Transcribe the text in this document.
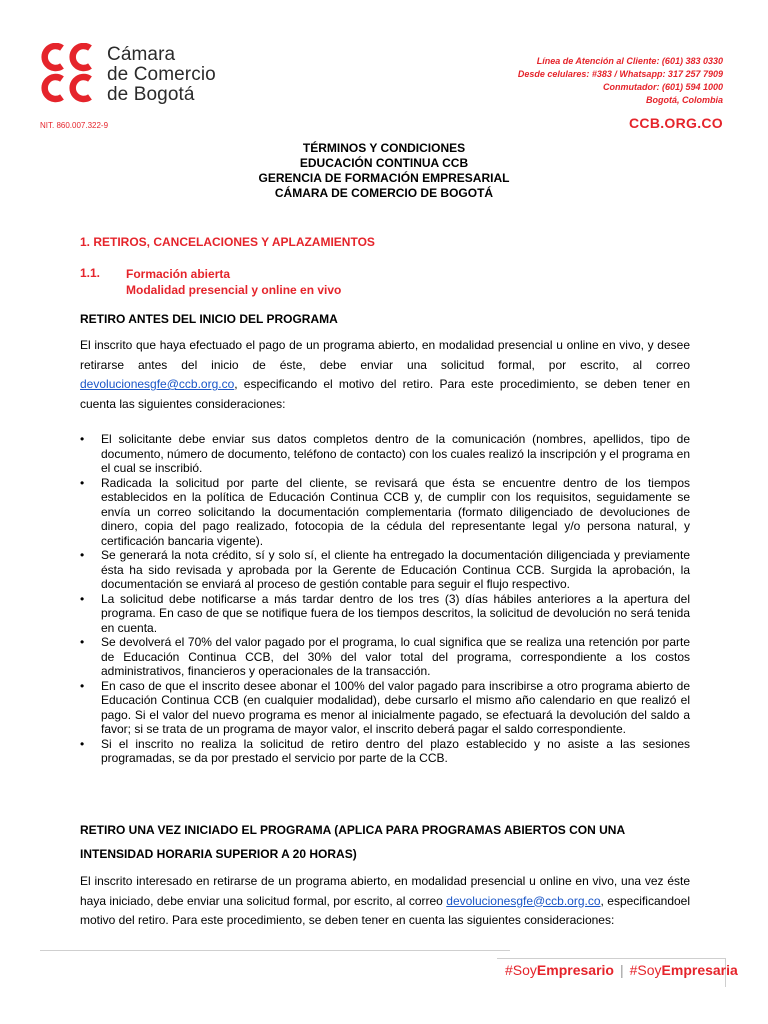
Cámara
de Comercio
de Bogotá
NIT. 860.007.322-9
Línea de Atención al Cliente: (601) 383 0330
Desde celulares: #383 / Whatsapp: 317 257 7909
Conmutador: (601) 594 1000
Bogotá, Colombia
CCB.ORG.CO
TÉRMINOS Y CONDICIONES
EDUCACIÓN CONTINUA CCB
GERENCIA DE FORMACIÓN EMPRESARIAL
CÁMARA DE COMERCIO DE BOGOTÁ
1. RETIROS, CANCELACIONES Y APLAZAMIENTOS
1.1. Formación abierta
Modalidad presencial y online en vivo
RETIRO ANTES DEL INICIO DEL PROGRAMA

El inscrito que haya efectuado el pago de un programa abierto, en modalidad presencial u online en vivo, y desee retirarse antes del inicio de éste, debe enviar una solicitud formal, por escrito, al correo devolucionesgfe@ccb.org.co, especificando el motivo del retiro. Para este procedimiento, se deben tener en cuenta las siguientes consideraciones:

• El solicitante debe enviar sus datos completos dentro de la comunicación (nombres, apellidos, tipo de documento, número de documento, teléfono de contacto) con los cuales realizó la inscripción y el programa en el cual se inscribió.
• Radicada la solicitud por parte del cliente, se revisará que ésta se encuentre dentro de los tiempos establecidos en la política de Educación Continua CCB y, de cumplir con los requisitos, seguidamente se envía un correo solicitando la documentación complementaria (formato diligenciado de devoluciones de dinero, copia del pago realizado, fotocopia de la cédula del representante legal y/o persona natural, y certificación bancaria vigente).
• Se generará la nota crédito, sí y solo sí, el cliente ha entregado la documentación diligenciada y previamente ésta ha sido revisada y aprobada por la Gerente de Educación Continua CCB. Surgida la aprobación, la documentación se enviará al proceso de gestión contable para seguir el flujo respectivo.
• La solicitud debe notificarse a más tardar dentro de los tres (3) días hábiles anteriores a la apertura del programa. En caso de que se notifique fuera de los tiempos descritos, la solicitud de devolución no será tenida en cuenta.
• Se devolverá el 70% del valor pagado por el programa, lo cual significa que se realiza una retención por parte de Educación Continua CCB, del 30% del valor total del programa, correspondiente a los costos administrativos, financieros y operacionales de la transacción.
• En caso de que el inscrito desee abonar el 100% del valor pagado para inscribirse a otro programa abierto de Educación Continua CCB (en cualquier modalidad), debe cursarlo el mismo año calendario en que realizó el pago. Si el valor del nuevo programa es menor al inicialmente pagado, se efectuará la devolución del saldo a favor; si se trata de un programa de mayor valor, el inscrito deberá pagar el saldo correspondiente.
• Si el inscrito no realiza la solicitud de retiro dentro del plazo establecido y no asiste a las sesiones programadas, se da por prestado el servicio por parte de la CCB.
RETIRO UNA VEZ INICIADO EL PROGRAMA (APLICA PARA PROGRAMAS ABIERTOS CON UNA INTENSIDAD HORARIA SUPERIOR A 20 HORAS)

El inscrito interesado en retirarse de un programa abierto, en modalidad presencial u online en vivo, una vez éste haya iniciado, debe enviar una solicitud formal, por escrito, al correo devolucionesgfe@ccb.org.co, especificandoel motivo del retiro. Para este procedimiento, se deben tener en cuenta las siguientes consideraciones:

#SoyEmpresario | #SoyEmpresaria
